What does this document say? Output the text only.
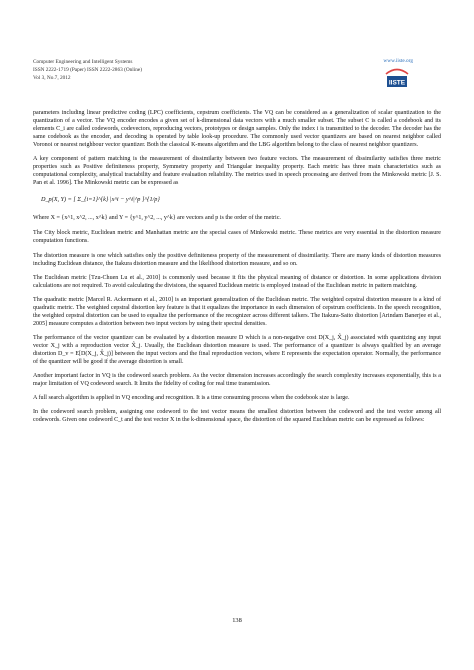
Computer Engineering and Intelligent Systems
ISSN 2222-1719 (Paper) ISSN 2222-2863 (Online)
Vol 3, No.7, 2012
www.iiste.org
IISTE

parameters including linear predictive coding (LPC) coefficients, cepstrum coefficients. The VQ can be considered as a generalization of scalar quantization to the quantization of a vector. The VQ encoder encodes a given set of k-dimensional data vectors with a much smaller subset. The subset C is called a codebook and its elements C_i are called codewords, codevectors, reproducing vectors, prototypes or design samples. Only the index i is transmitted to the decoder. The decoder has the same codebook as the encoder, and decoding is operated by table look-up procedure. The commonly used vector quantizers are based on nearest neighbor called Voronoi or nearest neighbour vector quantizer. Both the classical K-means algorithm and the LBG algorithm belong to the class of nearest neighbor quantizers.

A key component of pattern matching is the measurement of dissimilarity between two feature vectors. The measurement of dissimilarity satisfies three metric properties such as Positive definiteness property, Symmetry property and Triangular inequality property. Each metric has three main characteristics such as computational complexity, analytical tractability and feature evaluation reliability. The metrics used in speech processing are derived from the Minkowski metric [J. S. Pan et al. 1996]. The Minkowski metric can be expressed as

D_p(X, Y) = [ Σ_{i=1}^{k} |x^i − y^i|^p ]^{1/p}
Where X = {x^1, x^2, ..., x^k} and Y = {y^1, y^2, ..., y^k} are vectors and p is the order of the metric.

The City block metric, Euclidean metric and Manhattan metric are the special cases of Minkowski metric. These metrics are very essential in the distortion measure computation functions.

The distortion measure is one which satisfies only the positive definiteness property of the measurement of dissimilarity. There are many kinds of distortion measures including Euclidean distance, the Itakura distortion measure and the likelihood distortion measure, and so on.

The Euclidean metric [Tzu-Chuen Lu et al., 2010] is commonly used because it fits the physical meaning of distance or distortion. In some applications division calculations are not required. To avoid calculating the divisions, the squared Euclidean metric is employed instead of the Euclidean metric in pattern matching.

The quadratic metric [Marcel R. Ackermann et al., 2010] is an important generalization of the Euclidean metric. The weighted cepstral distortion measure is a kind of quadratic metric. The weighted cepstral distortion key feature is that it equalizes the importance in each dimension of cepstrum coefficients. In the speech recognition, the weighted cepstral distortion can be used to equalize the performance of the recognizer across different talkers. The Itakura-Saito distortion [Arindam Banerjee et al., 2005] measure computes a distortion between two input vectors by using their spectral densities.

The performance of the vector quantizer can be evaluated by a distortion measure D which is a non-negative cost D(X_j, X̂_j) associated with quantizing any input vector X_j with a reproduction vector X̂_j. Usually, the Euclidean distortion measure is used. The performance of a quantizer is always qualified by an average distortion D_v = E[D(X_j, X̂_j)] between the input vectors and the final reproduction vectors, where E represents the expectation operator. Normally, the performance of the quantizer will be good if the average distortion is small.

Another important factor in VQ is the codeword search problem. As the vector dimension increases accordingly the search complexity increases exponentially, this is a major limitation of VQ codeword search. It limits the fidelity of coding for real time transmission.

A full search algorithm is applied in VQ encoding and recognition. It is a time consuming process when the codebook size is large.

In the codeword search problem, assigning one codeword to the test vector means the smallest distortion between the codeword and the test vector among all codewords. Given one codeword C_t and the test vector X in the k-dimensional space, the distortion of the squared Euclidean metric can be expressed as follows:

138
